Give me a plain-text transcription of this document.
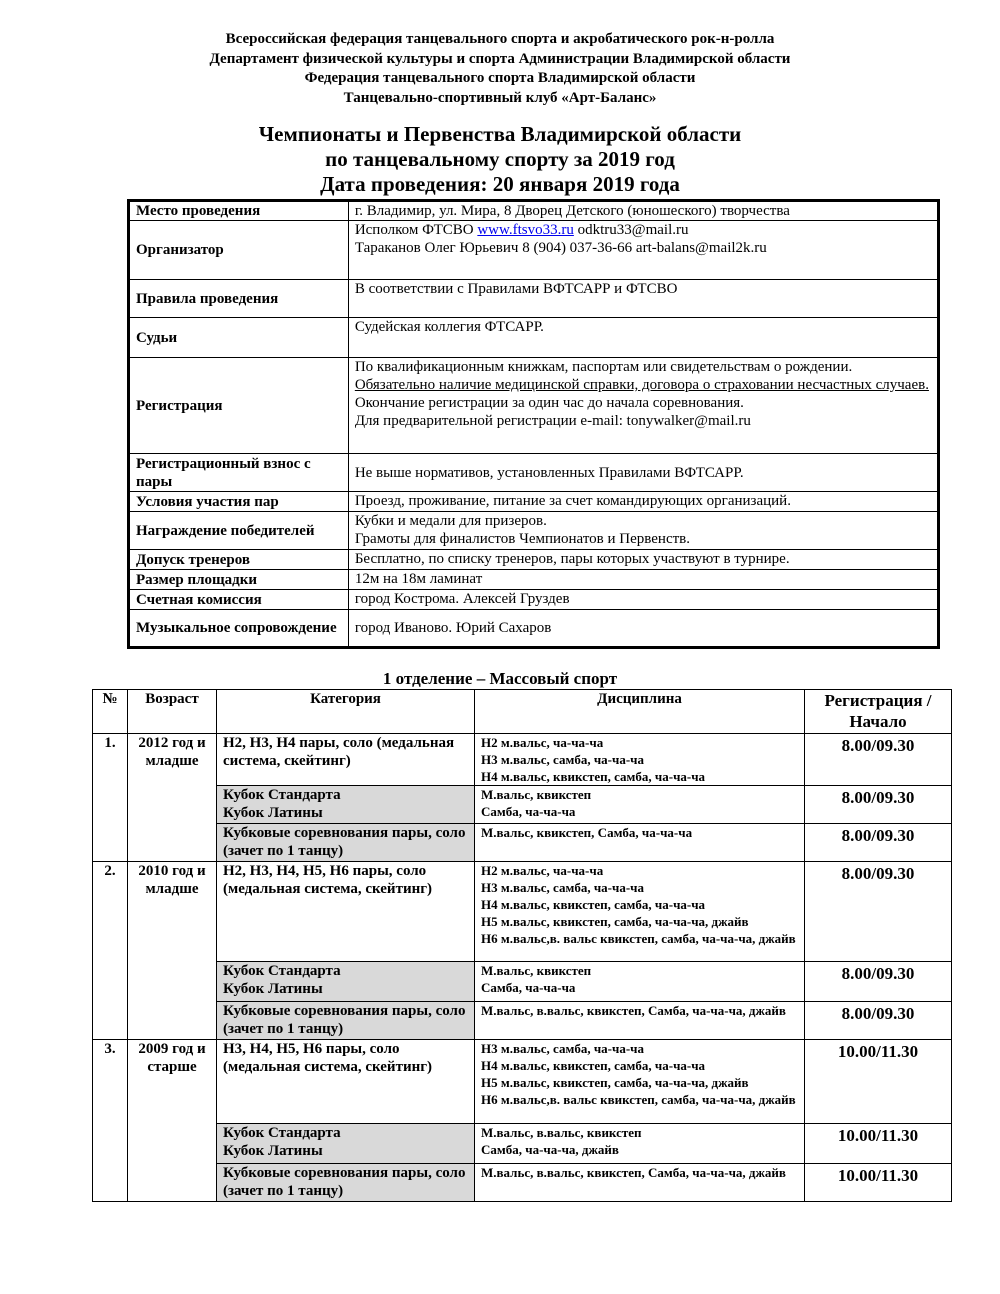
Всероссийская федерация танцевального спорта и акробатического рок-н-ролла
Департамент физической культуры и спорта Администрации Владимирской области
Федерация танцевального спорта Владимирской области
Танцевально-спортивный клуб «Арт-Баланс»
Чемпионаты и Первенства Владимирской области
по танцевальному спорту за 2019 год
Дата проведения: 20 января 2019 года
Место проведения	г. Владимир, ул. Мира, 8 Дворец Детского (юношеского) творчества
Организатор	Исполком ФТСВО www.ftsvo33.ru odktru33@mail.ru
Тараканов Олег Юрьевич 8 (904) 037-36-66 art-balans@mail2k.ru

Правила проведения	В соответствии с Правилами ВФТСАРР и ФТСВО
Судьи	Судейская коллегия ФТСАРР.
Регистрация	По квалификационным книжкам, паспортам или свидетельствам о рождении.
Обязательно наличие медицинской справки, договора о страховании несчастных случаев.
Окончание регистрации за один час до начала соревнования.
Для предварительной регистрации e-mail: tonywalker@mail.ru

Регистрационный взнос с пары	Не выше нормативов, установленных Правилами ВФТСАРР.
Условия участия пар	Проезд, проживание, питание за счет командирующих организаций.
Награждение победителей	Кубки и медали для призеров.
Грамоты для финалистов Чемпионатов и Первенств.

Допуск тренеров	Бесплатно, по списку тренеров, пары которых участвуют в турнире.
Размер площадки	12м на 18м ламинат
Счетная комиссия	город Кострома. Алексей Груздев
Музыкальное сопровождение	город Иваново. Юрий Сахаров
1 отделение – Массовый спорт
№	Возраст	Категория	Дисциплина	Регистрация / Начало
1.	2012 год и младше	Н2, Н3, Н4 пары, соло (медальная система, скейтинг)	Н2 м.вальс, ча-ча-ча
Н3 м.вальс, самба, ча-ча-ча
Н4 м.вальс, квикстеп, самба, ча-ча-ча	8.00/09.30
		Кубок Стандарта
Кубок Латины	М.вальс, квикстеп
Самба, ча-ча-ча	8.00/09.30
		Кубковые соревнования пары, соло (зачет по 1 танцу)	М.вальс, квикстеп, Самба, ча-ча-ча	8.00/09.30
2.	2010 год и младше	Н2, Н3, Н4, Н5, Н6 пары, соло (медальная система, скейтинг)	Н2 м.вальс, ча-ча-ча
Н3 м.вальс, самба, ча-ча-ча
Н4 м.вальс, квикстеп, самба, ча-ча-ча
Н5 м.вальс, квикстеп, самба, ча-ча-ча, джайв
Н6 м.вальс,в. вальс квикстеп, самба, ча-ча-ча, джайв	8.00/09.30
		Кубок Стандарта
Кубок Латины	М.вальс, квикстеп
Самба, ча-ча-ча	8.00/09.30
		Кубковые соревнования пары, соло (зачет по 1 танцу)	М.вальс, в.вальс, квикстеп, Самба, ча-ча-ча, джайв	8.00/09.30
3.	2009 год и старше	Н3, Н4, Н5, Н6 пары, соло (медальная система, скейтинг)	Н3 м.вальс, самба, ча-ча-ча
Н4 м.вальс, квикстеп, самба, ча-ча-ча
Н5 м.вальс, квикстеп, самба, ча-ча-ча, джайв
Н6 м.вальс,в. вальс квикстеп, самба, ча-ча-ча, джайв	10.00/11.30
		Кубок Стандарта
Кубок Латины	М.вальс, в.вальс, квикстеп
Самба, ча-ча-ча, джайв	10.00/11.30
		Кубковые соревнования пары, соло (зачет по 1 танцу)	М.вальс, в.вальс, квикстеп, Самба, ча-ча-ча, джайв	10.00/11.30
